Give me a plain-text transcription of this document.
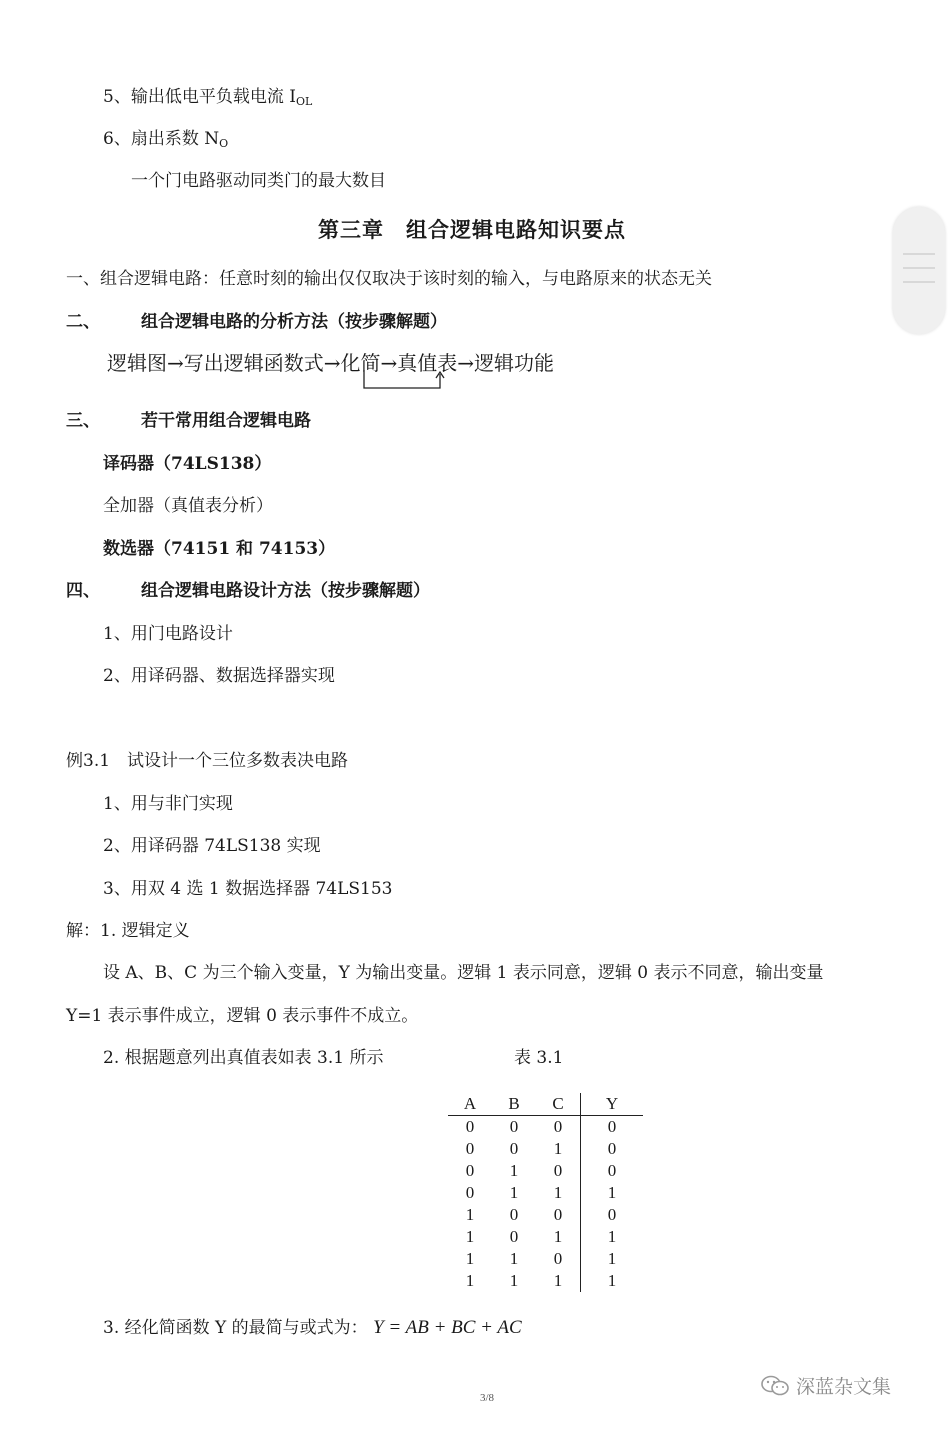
5、输出低电平负载电流 $I_{OL}$
6、扇出系数 $N_O$
一个门电路驱动同类门的最大数目
第三章　组合逻辑电路知识要点
一、组合逻辑电路：任意时刻的输出仅仅取决于该时刻的输入，与电路原来的状态无关
二、 组合逻辑电路的分析方法（按步骤解题）
逻辑图→写出逻辑函数式→化简→真值表→逻辑功能
三、 若干常用组合逻辑电路
译码器（74LS138）
全加器（真值表分析）
数选器（74151 和 74153）
四、 组合逻辑电路设计方法（按步骤解题）
1、用门电路设计
2、用译码器、数据选择器实现
例3.1　试设计一个三位多数表决电路
1、用与非门实现
2、用译码器 74LS138 实现
3、用双 4 选 1 数据选择器 74LS153
解：1. 逻辑定义
设 A、B、C 为三个输入变量，Y 为输出变量。逻辑 1 表示同意，逻辑 0 表示不同意，输出变量
Y=1 表示事件成立，逻辑 0 表示事件不成立。
2. 根据题意列出真值表如表 3.1 所示	表 3.1
A	B	C	Y
0	0	0	0
0	0	1	0
0	1	0	0
0	1	1	1
1	0	0	0
1	0	1	1
1	1	0	1
1	1	1	1
3. 经化简函数 Y 的最简与或式为： Y = AB + BC + AC
3/8	深蓝杂文集
